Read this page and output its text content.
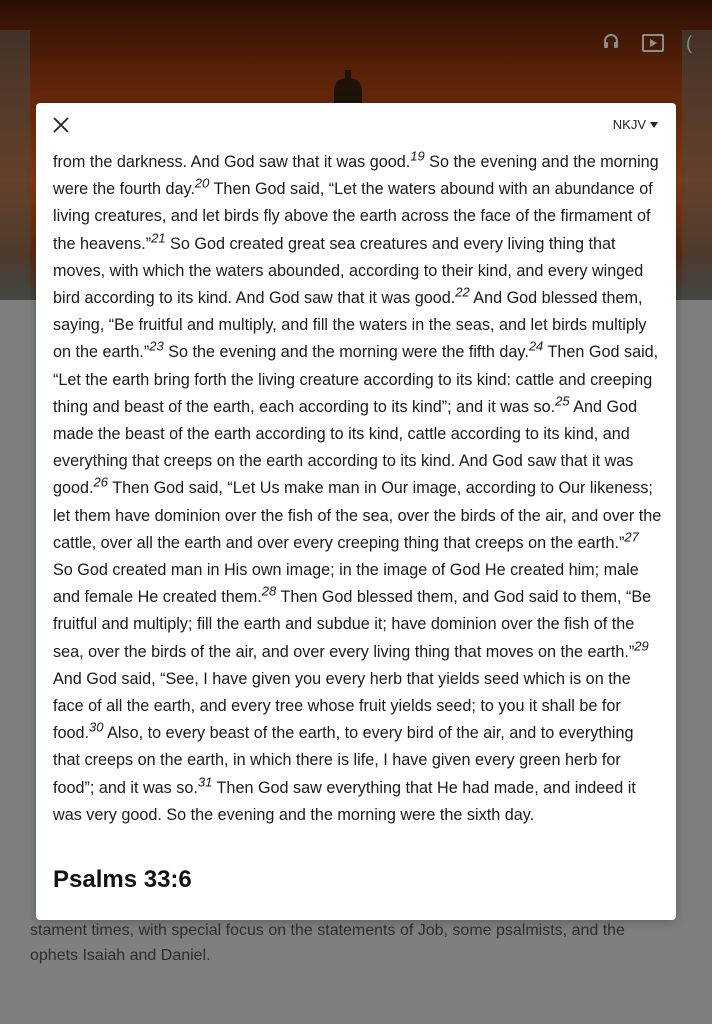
(
stament times, with special focus on the statements of Job, some psalmists, and the
ophets Isaiah and Daniel.
NKJV
from the darkness. And God saw that it was good.$^{19}$ So the evening and the morning were the fourth day.$^{20}$ Then God said, “Let the waters abound with an abundance of living creatures, and let birds fly above the earth across the face of the firmament of the heavens.”$^{21}$ So God created great sea creatures and every living thing that moves, with which the waters abounded, according to their kind, and every winged bird according to its kind. And God saw that it was good.$^{22}$ And God blessed them, saying, “Be fruitful and multiply, and fill the waters in the seas, and let birds multiply on the earth.”$^{23}$ So the evening and the morning were the fifth day.$^{24}$ Then God said, “Let the earth bring forth the living creature according to its kind: cattle and creeping thing and beast of the earth, each according to its kind”; and it was so.$^{25}$ And God made the beast of the earth according to its kind, cattle according to its kind, and everything that creeps on the earth according to its kind. And God saw that it was good.$^{26}$ Then God said, “Let Us make man in Our image, according to Our likeness; let them have dominion over the fish of the sea, over the birds of the air, and over the cattle, over all the earth and over every creeping thing that creeps on the earth.”$^{27}$ So God created man in His own image; in the image of God He created him; male and female He created them.$^{28}$ Then God blessed them, and God said to them, “Be fruitful and multiply; fill the earth and subdue it; have dominion over the fish of the sea, over the birds of the air, and over every living thing that moves on the earth.”$^{29}$ And God said, “See, I have given you every herb that yields seed which is on the face of all the earth, and every tree whose fruit yields seed; to you it shall be for food.$^{30}$ Also, to every beast of the earth, to every bird of the air, and to everything that creeps on the earth, in which there is life, I have given every green herb for food”; and it was so.$^{31}$ Then God saw everything that He had made, and indeed it was very good. So the evening and the morning were the sixth day.
Psalms 33:6
